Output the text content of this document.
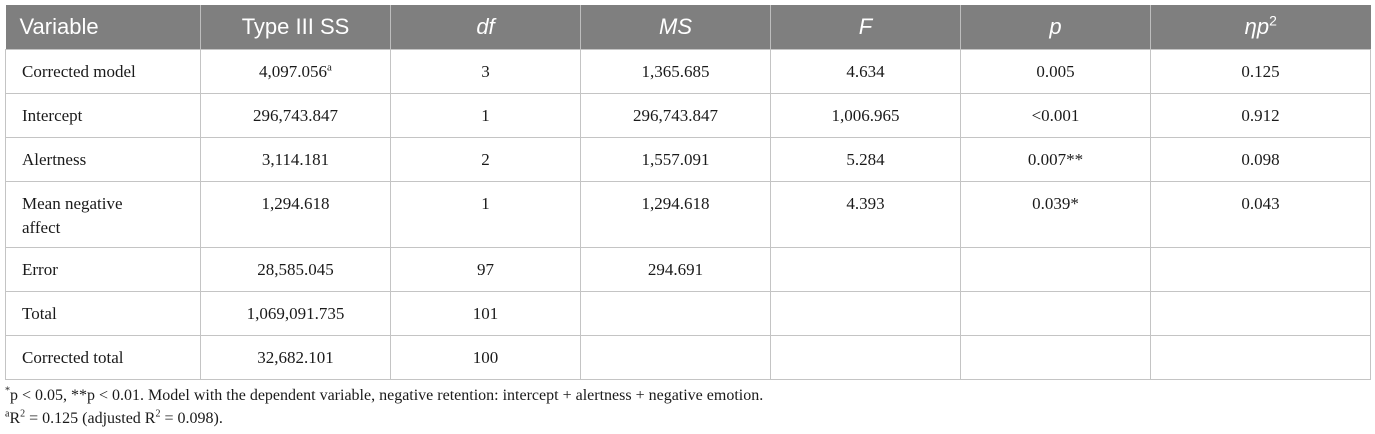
Variable	Type III SS	df	MS	F	p	$\eta p^2$
Corrected model	4,097.056$^a$	3	1,365.685	4.634	0.005	0.125
Intercept	296,743.847	1	296,743.847	1,006.965	<0.001	0.912
Alertness	3,114.181	2	1,557.091	5.284	0.007**	0.098
Mean negative affect	1,294.618	1	1,294.618	4.393	0.039*	0.043
Error	28,585.045	97	294.691			
Total	1,069,091.735	101				
Corrected total	32,682.101	100				
*p < 0.05, **p < 0.01. Model with the dependent variable, negative retention: intercept + alertness + negative emotion.
$^aR^2 = 0.125$ (adjusted $R^2 = 0.098$).
